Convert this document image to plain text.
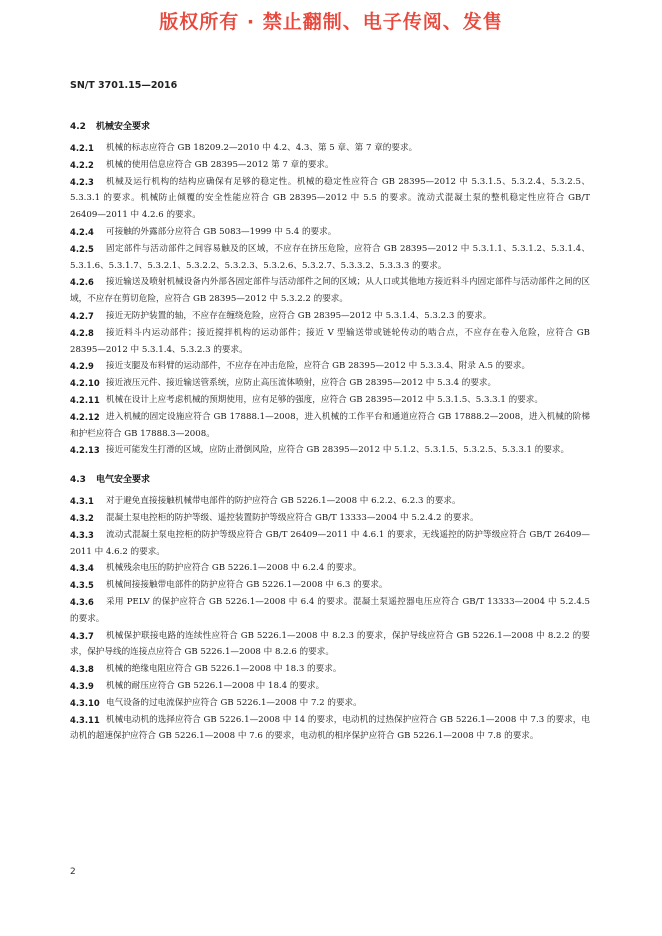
版权所有 · 禁止翻制、电子传阅、发售
SN/T 3701.15—2016
4.2 机械安全要求
4.2.1	机械的标志应符合 GB 18209.2—2010 中 4.2、4.3、第 5 章、第 7 章的要求。
4.2.2	机械的使用信息应符合 GB 28395—2012 第 7 章的要求。
4.2.3	机械及运行机构的结构应确保有足够的稳定性。机械的稳定性应符合 GB 28395—2012 中 5.3.1.5、5.3.2.4、5.3.2.5、5.3.3.1 的要求。机械防止倾覆的安全性能应符合 GB 28395—2012 中 5.5 的要求。流动式混凝土泵的整机稳定性应符合 GB/T 26409—2011 中 4.2.6 的要求。
4.2.4	可接触的外露部分应符合 GB 5083—1999 中 5.4 的要求。
4.2.5	固定部件与活动部件之间容易触及的区域，不应存在挤压危险，应符合 GB 28395—2012 中 5.3.1.1、5.3.1.2、5.3.1.4、5.3.1.6、5.3.1.7、5.3.2.1、5.3.2.2、5.3.2.3、5.3.2.6、5.3.2.7、5.3.3.2、5.3.3.3 的要求。
4.2.6	接近输送及喷射机械设备内外部各固定部件与活动部件之间的区域；从人口或其他地方接近料斗内固定部件与活动部件之间的区域，不应存在剪切危险，应符合 GB 28395—2012 中 5.3.2.2 的要求。
4.2.7	接近无防护装置的轴，不应存在缠绕危险，应符合 GB 28395—2012 中 5.3.1.4、5.3.2.3 的要求。
4.2.8	接近料斗内运动部件；接近搅拌机构的运动部件；接近 V 型输送带或链轮传动的啮合点，不应存在卷入危险，应符合 GB 28395—2012 中 5.3.1.4、5.3.2.3 的要求。
4.2.9	接近支腿及布料臂的运动部件，不应存在冲击危险，应符合 GB 28395—2012 中 5.3.3.4、附录 A.5 的要求。
4.2.10 接近液压元件、接近输送管系统，应防止高压流体喷射，应符合 GB 28395—2012 中 5.3.4 的要求。
4.2.11 机械在设计上应考虑机械的预期使用，应有足够的强度，应符合 GB 28395—2012 中 5.3.1.5、5.3.3.1 的要求。
4.2.12 进入机械的固定设施应符合 GB 17888.1—2008，进入机械的工作平台和通道应符合 GB 17888.2—2008，进入机械的阶梯和护栏应符合 GB 17888.3—2008。
4.2.13 接近可能发生打滑的区域，应防止滑倒风险，应符合 GB 28395—2012 中 5.1.2、5.3.1.5、5.3.2.5、5.3.3.1 的要求。
4.3 电气安全要求
4.3.1	对于避免直接接触机械带电部件的防护应符合 GB 5226.1—2008 中 6.2.2、6.2.3 的要求。
4.3.2	混凝土泵电控柜的防护等级、遥控装置防护等级应符合 GB/T 13333—2004 中 5.2.4.2 的要求。
4.3.3	流动式混凝土泵电控柜的防护等级应符合 GB/T 26409—2011 中 4.6.1 的要求，无线遥控的防护等级应符合 GB/T 26409—2011 中 4.6.2 的要求。
4.3.4	机械残余电压的防护应符合 GB 5226.1—2008 中 6.2.4 的要求。
4.3.5	机械间接接触带电部件的防护应符合 GB 5226.1—2008 中 6.3 的要求。
4.3.6	采用 PELV 的保护应符合 GB 5226.1—2008 中 6.4 的要求。混凝土泵遥控器电压应符合 GB/T 13333—2004 中 5.2.4.5 的要求。
4.3.7	机械保护联接电路的连续性应符合 GB 5226.1—2008 中 8.2.3 的要求，保护导线应符合 GB 5226.1—2008 中 8.2.2 的要求，保护导线的连接点应符合 GB 5226.1—2008 中 8.2.6 的要求。
4.3.8	机械的绝缘电阻应符合 GB 5226.1—2008 中 18.3 的要求。
4.3.9	机械的耐压应符合 GB 5226.1—2008 中 18.4 的要求。
4.3.10 电气设备的过电流保护应符合 GB 5226.1—2008 中 7.2 的要求。
4.3.11 机械电动机的选择应符合 GB 5226.1—2008 中 14 的要求，电动机的过热保护应符合 GB 5226.1—2008 中 7.3 的要求，电动机的超速保护应符合 GB 5226.1—2008 中 7.6 的要求，电动机的相序保护应符合 GB 5226.1—2008 中 7.8 的要求。
2
